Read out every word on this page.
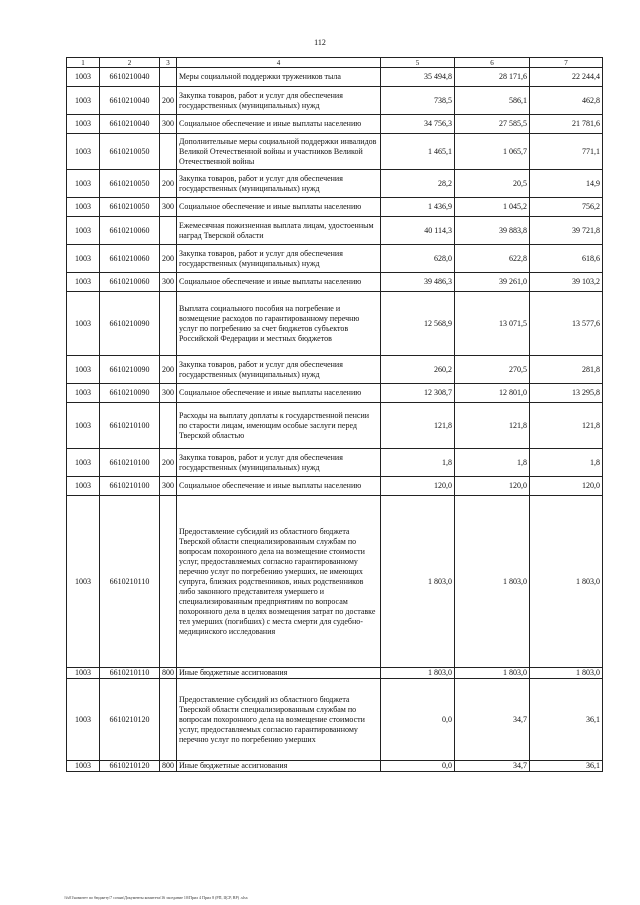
112
1	2	3	4	5	6	7
1003	6610210040		Меры социальной поддержки тружеников тыла	35 494,8	28 171,6	22 244,4
1003	6610210040	200	Закупка товаров, работ и услуг для обеспечения государственных (муниципальных) нужд	738,5	586,1	462,8
1003	6610210040	300	Социальное обеспечение и иные выплаты населению	34 756,3	27 585,5	21 781,6
1003	6610210050		Дополнительные меры социальной поддержки инвалидов Великой Отечественной войны и участников Великой Отечественной войны	1 465,1	1 065,7	771,1
1003	6610210050	200	Закупка товаров, работ и услуг для обеспечения государственных (муниципальных) нужд	28,2	20,5	14,9
1003	6610210050	300	Социальное обеспечение и иные выплаты населению	1 436,9	1 045,2	756,2
1003	6610210060		Ежемесячная пожизненная выплата лицам, удостоенным наград Тверской области	40 114,3	39 883,8	39 721,8
1003	6610210060	200	Закупка товаров, работ и услуг для обеспечения государственных (муниципальных) нужд	628,0	622,8	618,6
1003	6610210060	300	Социальное обеспечение и иные выплаты населению	39 486,3	39 261,0	39 103,2
1003	6610210090		Выплата социального пособия на погребение и возмещение расходов по гарантированному перечню услуг по погребению за счет бюджетов субъектов Российской Федерации и местных бюджетов	12 568,9	13 071,5	13 577,6
1003	6610210090	200	Закупка товаров, работ и услуг для обеспечения государственных (муниципальных) нужд	260,2	270,5	281,8
1003	6610210090	300	Социальное обеспечение и иные выплаты населению	12 308,7	12 801,0	13 295,8
1003	6610210100		Расходы на выплату доплаты к государственной пенсии по старости лицам, имеющим особые заслуги перед Тверской областью	121,8	121,8	121,8
1003	6610210100	200	Закупка товаров, работ и услуг для обеспечения государственных (муниципальных) нужд	1,8	1,8	1,8
1003	6610210100	300	Социальное обеспечение и иные выплаты населению	120,0	120,0	120,0
1003	6610210110		Предоставление субсидий из областного бюджета Тверской области специализированным службам по вопросам похоронного дела на возмещение стоимости услуг, предоставляемых согласно гарантированному перечню услуг по погребению умерших, не имеющих супруга, близких родственников, иных родственников либо законного представителя умершего и специализированным предприятиям по вопросам похоронного дела в целях возмещения затрат по доставке тел умерших (погибших) с места смерти для судебно-медицинского исследования	1 803,0	1 803,0	1 803,0
1003	6610210110	800	Иные бюджетные ассигнования	1 803,0	1 803,0	1 803,0
1003	6610210120		Предоставление субсидий из областного бюджета Тверской области специализированным службам по вопросам похоронного дела на возмещение стоимости услуг, предоставляемых согласно гарантированному перечню услуг по погребению умерших	0,0	34,7	36,1
1003	6610210120	800	Иные бюджетные ассигнования	0,0	34,7	36,1
\\fs01\комитет по бюджету\7 созыв\Документы комитета\16 заседание 10\Прил 4 Прил 8 (РП, ЦСР, ВР) .xlsx
